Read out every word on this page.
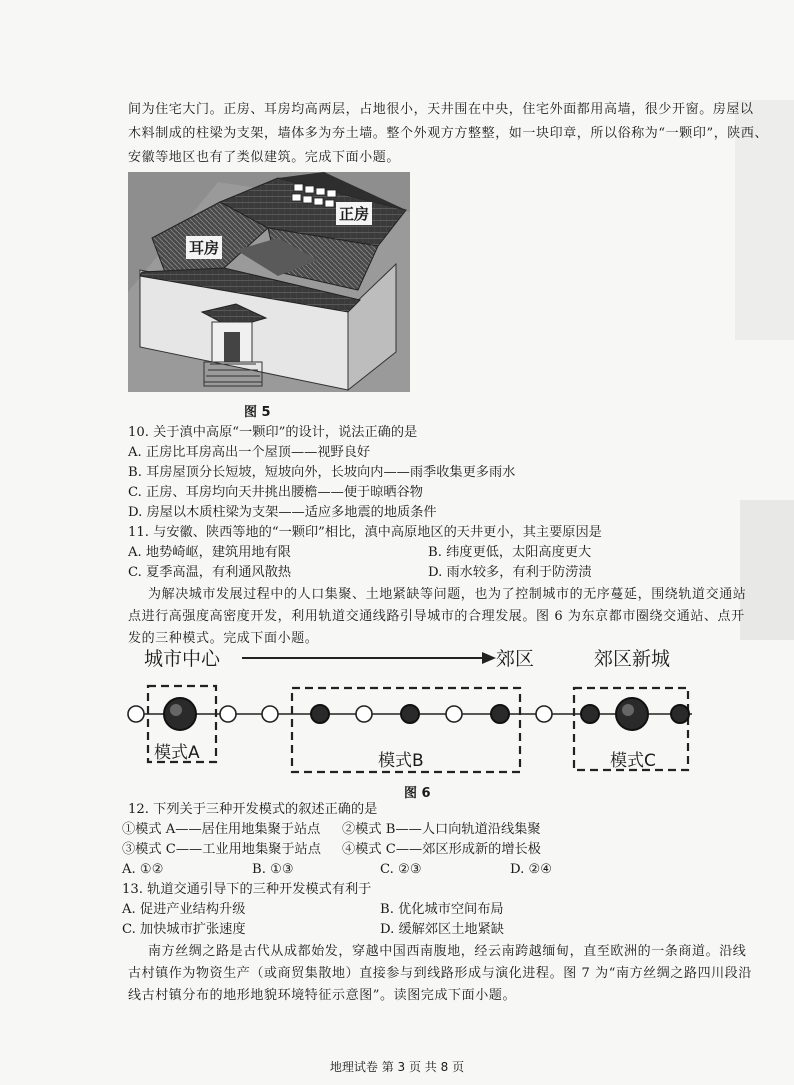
间为住宅大门。正房、耳房均高两层，占地很小，天井围在中央，住宅外面都用高墙，很少开窗。房屋以
木料制成的柱梁为支架，墙体多为夯土墙。整个外观方方整整，如一块印章，所以俗称为“一颗印”，陕西、
安徽等地区也有了类似建筑。完成下面小题。
正房
耳房
图 5
10. 关于滇中高原“一颗印”的设计，说法正确的是
A. 正房比耳房高出一个屋顶——视野良好
B. 耳房屋顶分长短坡，短坡向外，长坡向内——雨季收集更多雨水
C. 正房、耳房均向天井挑出腰檐——便于晾晒谷物
D. 房屋以木质柱梁为支架——适应多地震的地质条件
11. 与安徽、陕西等地的“一颗印”相比，滇中高原地区的天井更小，其主要原因是
A. 地势崎岖，建筑用地有限	B. 纬度更低，太阳高度更大
C. 夏季高温，有利通风散热	D. 雨水较多，有利于防涝渍
为解决城市发展过程中的人口集聚、土地紧缺等问题，也为了控制城市的无序蔓延，围绕轨道交通站
点进行高强度高密度开发，利用轨道交通线路引导城市的合理发展。图 6 为东京都市圈绕交通站、点开
发的三种模式。完成下面小题。
城市中心	郊区	郊区新城
模式A	模式B	模式C
图 6
12. 下列关于三种开发模式的叙述正确的是
①模式 A——居住用地集聚于站点 ②模式 B——人口向轨道沿线集聚
③模式 C——工业用地集聚于站点 ④模式 C——郊区形成新的增长极
A. ①②	B. ①③	C. ②③	D. ②④
13. 轨道交通引导下的三种开发模式有利于
A. 促进产业结构升级	B. 优化城市空间布局
C. 加快城市扩张速度	D. 缓解郊区土地紧缺
南方丝绸之路是古代从成都始发，穿越中国西南腹地，经云南跨越缅甸，直至欧洲的一条商道。沿线
古村镇作为物资生产（或商贸集散地）直接参与到线路形成与演化进程。图 7 为“南方丝绸之路四川段沿
线古村镇分布的地形地貌环境特征示意图”。读图完成下面小题。
地理试卷 第 3 页 共 8 页
